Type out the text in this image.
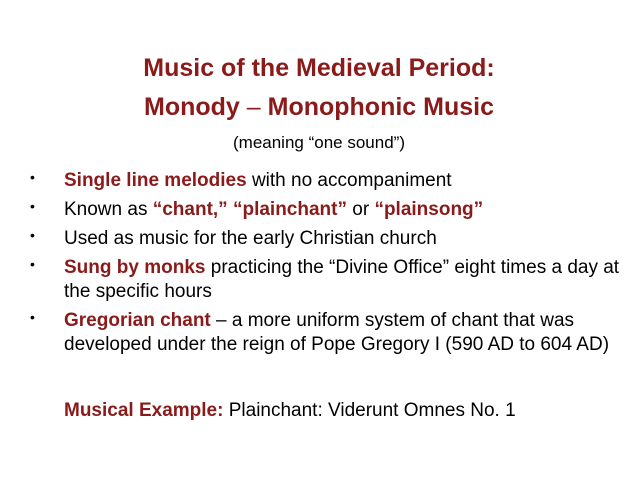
Music of the Medieval Period:
Monody – Monophonic Music
(meaning “one sound”)
• Single line melodies with no accompaniment
• Known as “chant,” “plainchant” or “plainsong”
• Used as music for the early Christian church
• Sung by monks practicing the “Divine Office” eight times a day at the specific hours
• Gregorian chant – a more uniform system of chant that was developed under the reign of Pope Gregory I (590 AD to 604 AD)
Musical Example: Plainchant: Viderunt Omnes No. 1
